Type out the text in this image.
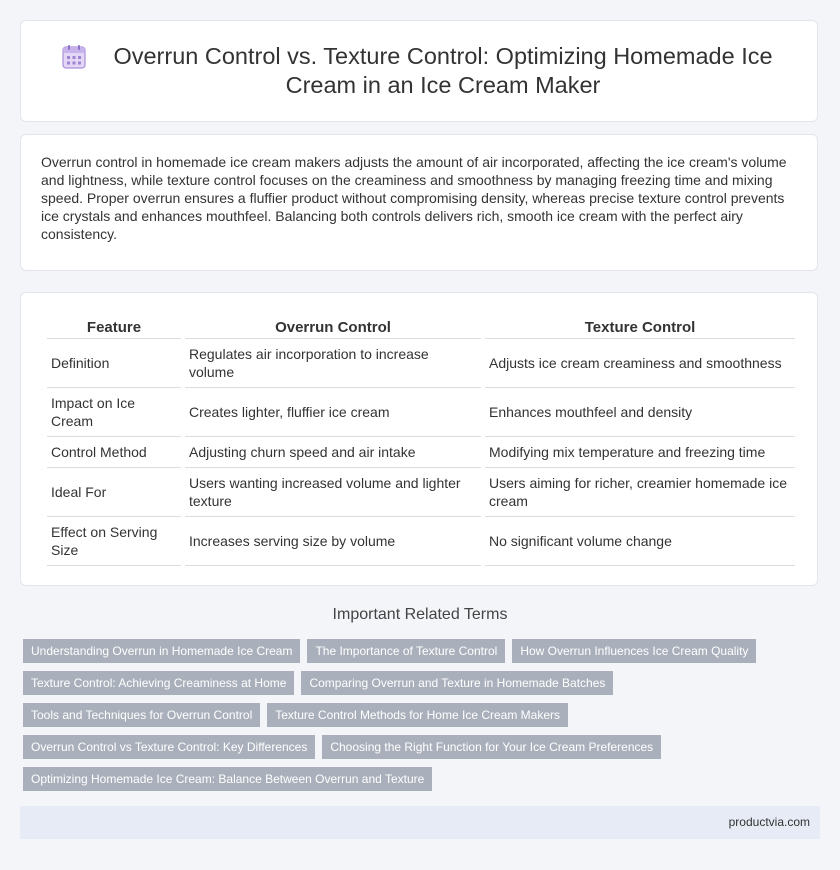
Overrun Control vs. Texture Control: Optimizing Homemade Ice Cream in an Ice Cream Maker

Overrun control in homemade ice cream makers adjusts the amount of air incorporated, affecting the ice cream's volume and lightness, while texture control focuses on the creaminess and smoothness by managing freezing time and mixing speed. Proper overrun ensures a fluffier product without compromising density, whereas precise texture control prevents ice crystals and enhances mouthfeel. Balancing both controls delivers rich, smooth ice cream with the perfect airy consistency.

Feature	Overrun Control	Texture Control
Definition	Regulates air incorporation to increase volume	Adjusts ice cream creaminess and smoothness
Impact on Ice Cream	Creates lighter, fluffier ice cream	Enhances mouthfeel and density
Control Method	Adjusting churn speed and air intake	Modifying mix temperature and freezing time
Ideal For	Users wanting increased volume and lighter texture	Users aiming for richer, creamier homemade ice cream
Effect on Serving Size	Increases serving size by volume	No significant volume change
Important Related Terms
Understanding Overrun in Homemade Ice Cream	The Importance of Texture Control	How Overrun Influences Ice Cream Quality
Texture Control: Achieving Creaminess at Home	Comparing Overrun and Texture in Homemade Batches
Tools and Techniques for Overrun Control	Texture Control Methods for Home Ice Cream Makers
Overrun Control vs Texture Control: Key Differences	Choosing the Right Function for Your Ice Cream Preferences
Optimizing Homemade Ice Cream: Balance Between Overrun and Texture
productvia.com
